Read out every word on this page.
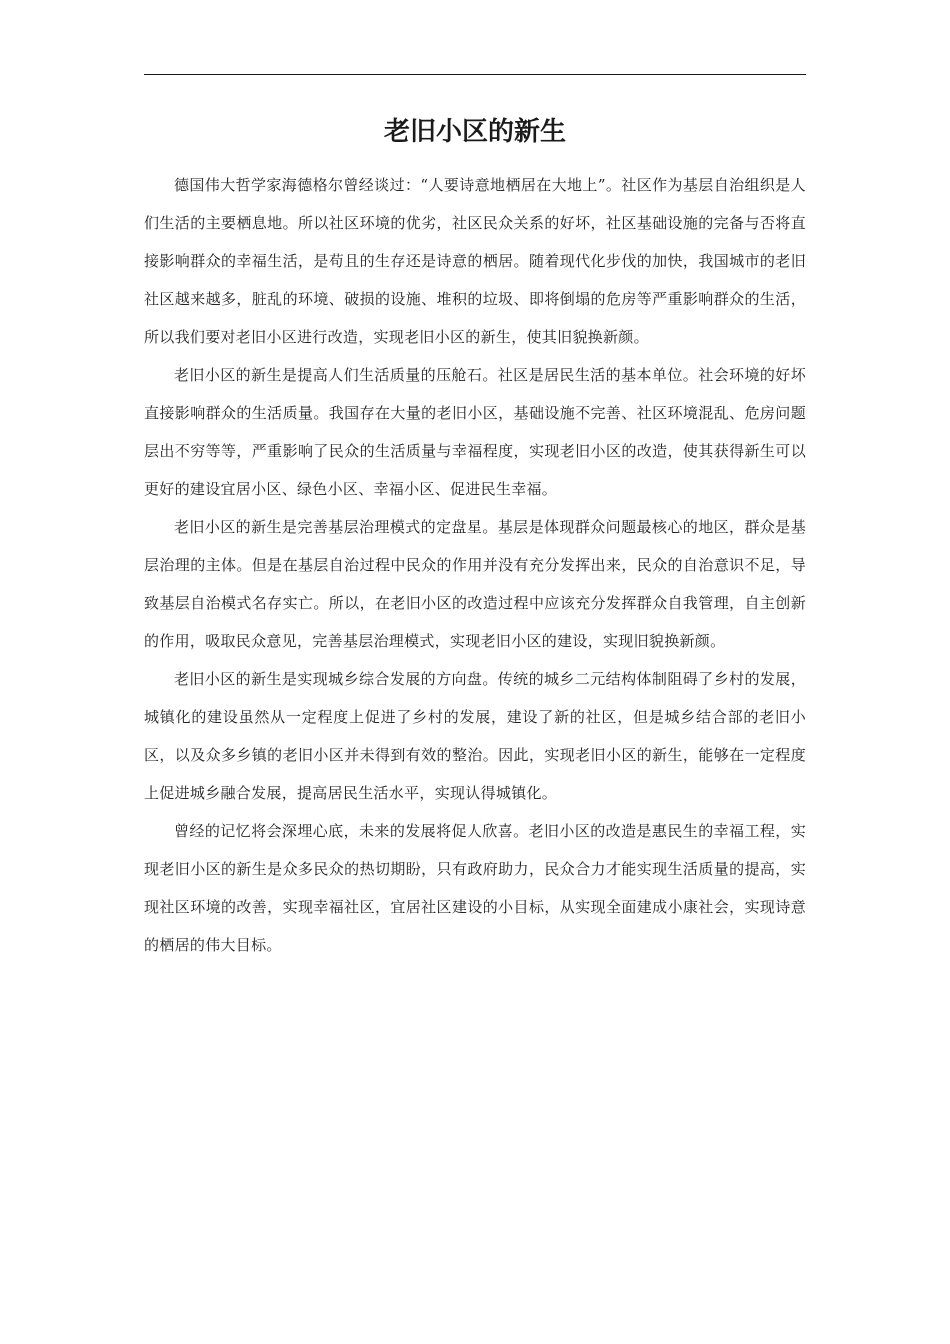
老旧小区的新生

德国伟大哲学家海德格尔曾经谈过：“人要诗意地栖居在大地上”。社区作为基层自治组织是人们生活的主要栖息地。所以社区环境的优劣，社区民众关系的好坏，社区基础设施的完备与否将直接影响群众的幸福生活，是苟且的生存还是诗意的栖居。随着现代化步伐的加快，我国城市的老旧社区越来越多，脏乱的环境、破损的设施、堆积的垃圾、即将倒塌的危房等严重影响群众的生活，所以我们要对老旧小区进行改造，实现老旧小区的新生，使其旧貌换新颜。

老旧小区的新生是提高人们生活质量的压舱石。社区是居民生活的基本单位。社会环境的好坏直接影响群众的生活质量。我国存在大量的老旧小区，基础设施不完善、社区环境混乱、危房问题层出不穷等等，严重影响了民众的生活质量与幸福程度，实现老旧小区的改造，使其获得新生可以更好的建设宜居小区、绿色小区、幸福小区、促进民生幸福。

老旧小区的新生是完善基层治理模式的定盘星。基层是体现群众问题最核心的地区，群众是基层治理的主体。但是在基层自治过程中民众的作用并没有充分发挥出来，民众的自治意识不足，导致基层自治模式名存实亡。所以，在老旧小区的改造过程中应该充分发挥群众自我管理，自主创新的作用，吸取民众意见，完善基层治理模式，实现老旧小区的建设，实现旧貌换新颜。

老旧小区的新生是实现城乡综合发展的方向盘。传统的城乡二元结构体制阻碍了乡村的发展，城镇化的建设虽然从一定程度上促进了乡村的发展，建设了新的社区，但是城乡结合部的老旧小区，以及众多乡镇的老旧小区并未得到有效的整治。因此，实现老旧小区的新生，能够在一定程度上促进城乡融合发展，提高居民生活水平，实现认得城镇化。

曾经的记忆将会深埋心底，未来的发展将促人欣喜。老旧小区的改造是惠民生的幸福工程，实现老旧小区的新生是众多民众的热切期盼，只有政府助力，民众合力才能实现生活质量的提高，实现社区环境的改善，实现幸福社区，宜居社区建设的小目标，从实现全面建成小康社会，实现诗意的栖居的伟大目标。
